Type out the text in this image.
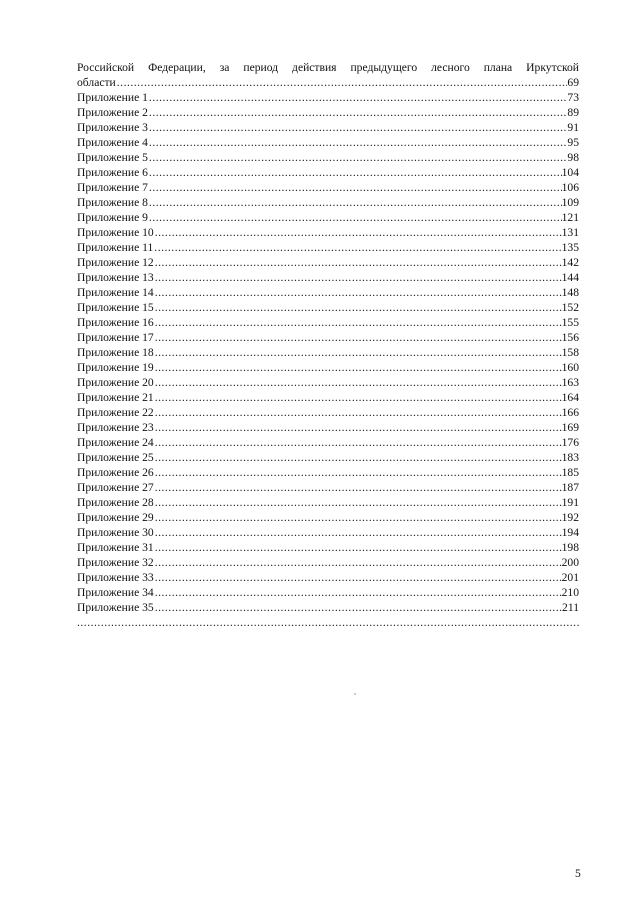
Российской Федерации, за период действия предыдущего лесного плана Иркутской
области .....	69
Приложение 1 .....	73
Приложение 2 .....	89
Приложение 3 .....	91
Приложение 4 .....	95
Приложение 5 .....	98
Приложение 6 .....	104
Приложение 7 .....	106
Приложение 8 .....	109
Приложение 9 .....	121
Приложение 10 .....	131
Приложение 11 .....	135
Приложение 12 .....	142
Приложение 13 .....	144
Приложение 14 .....	148
Приложение 15 .....	152
Приложение 16 .....	155
Приложение 17 .....	156
Приложение 18 .....	158
Приложение 19 .....	160
Приложение 20 .....	163
Приложение 21 .....	164
Приложение 22 .....	166
Приложение 23 .....	169
Приложение 24 .....	176
Приложение 25 .....	183
Приложение 26 .....	185
Приложение 27 .....	187
Приложение 28 .....	191
Приложение 29 .....	192
Приложение 30 .....	194
Приложение 31 .....	198
Приложение 32 .....	200
Приложение 33 .....	201
Приложение 34 .....	210
Приложение 35 .....	211
.....
5
